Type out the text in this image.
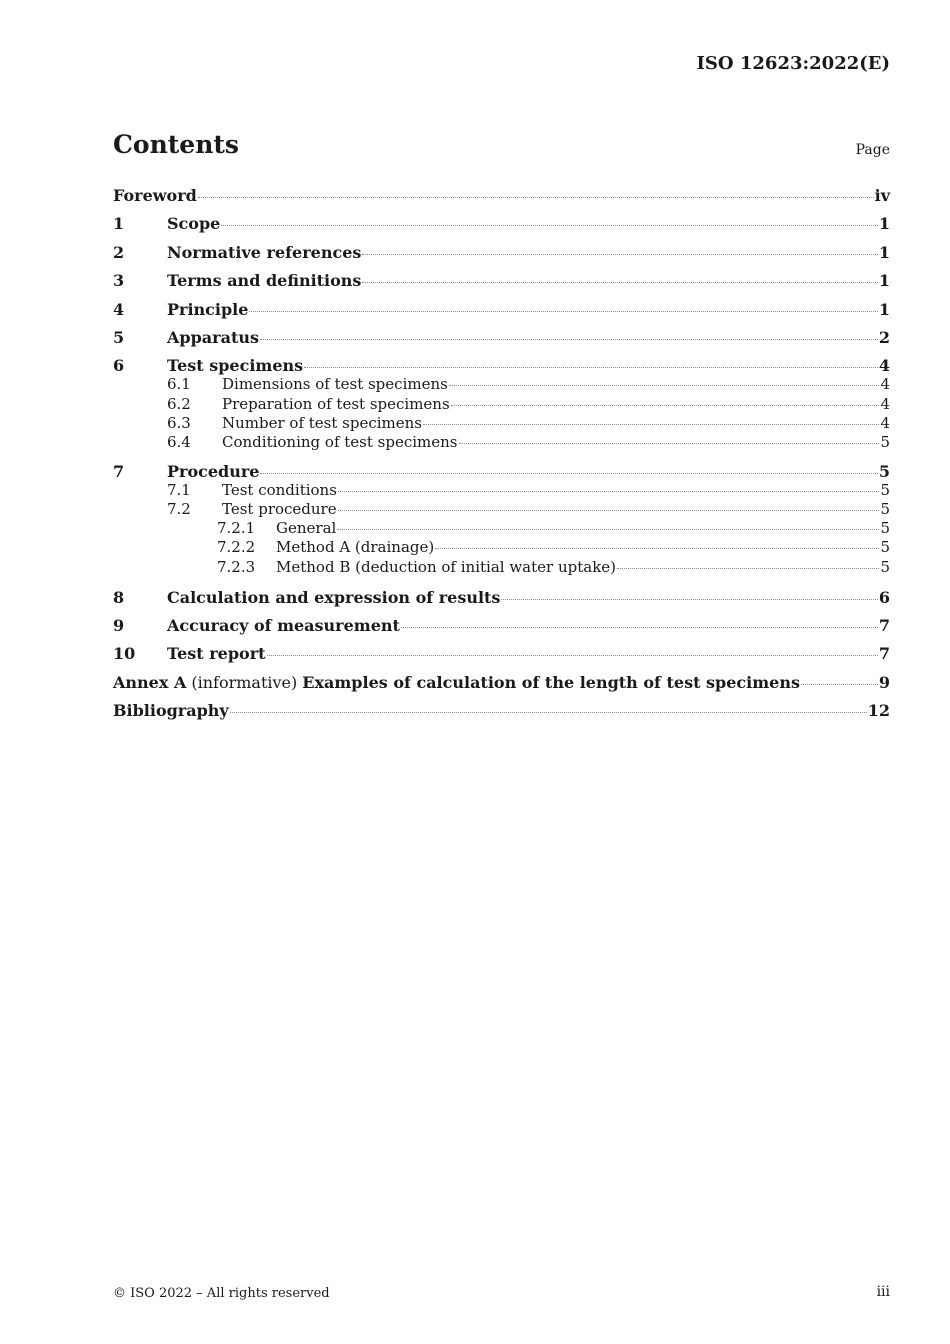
ISO 12623:2022(E)
Contents	Page
Foreword	iv
1	Scope	1
2	Normative references	1
3	Terms and definitions	1
4	Principle	1
5	Apparatus	2
6	Test specimens	4
6.1	Dimensions of test specimens	4
6.2	Preparation of test specimens	4
6.3	Number of test specimens	4
6.4	Conditioning of test specimens	5
7	Procedure	5
7.1	Test conditions	5
7.2	Test procedure	5
7.2.1	General	5
7.2.2	Method A (drainage)	5
7.2.3	Method B (deduction of initial water uptake)	5
8	Calculation and expression of results	6
9	Accuracy of measurement	7
10	Test report	7
Annex A (informative) Examples of calculation of the length of test specimens	9
Bibliography	12
© ISO 2022 – All rights reserved	iii
